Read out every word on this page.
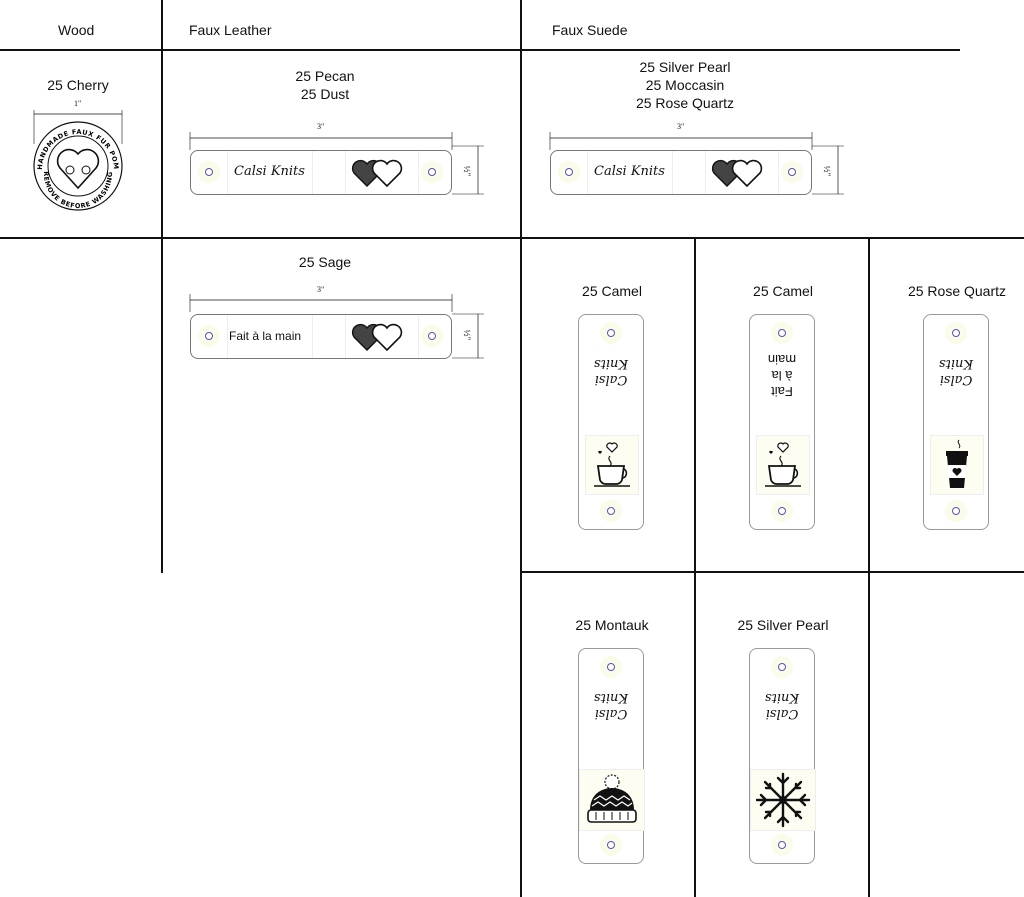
Wood	Faux Leather	Faux Suede
25 Cherry
1"
HANDMADE FAUX FUR POM
REMOVE BEFORE WASHING
25 Pecan
25 Dust
3"
½"
Calsi Knits
25 Silver Pearl
25 Moccasin
25 Rose Quartz
3"
½"
Calsi Knits
25 Sage
3"
½"
Fait à la main
25 Camel
Calsi
Knits
25 Camel
Fait
à la
main
25 Rose Quartz
Calsi
Knits
25 Montauk
Calsi
Knits
25 Silver Pearl
Calsi
Knits
